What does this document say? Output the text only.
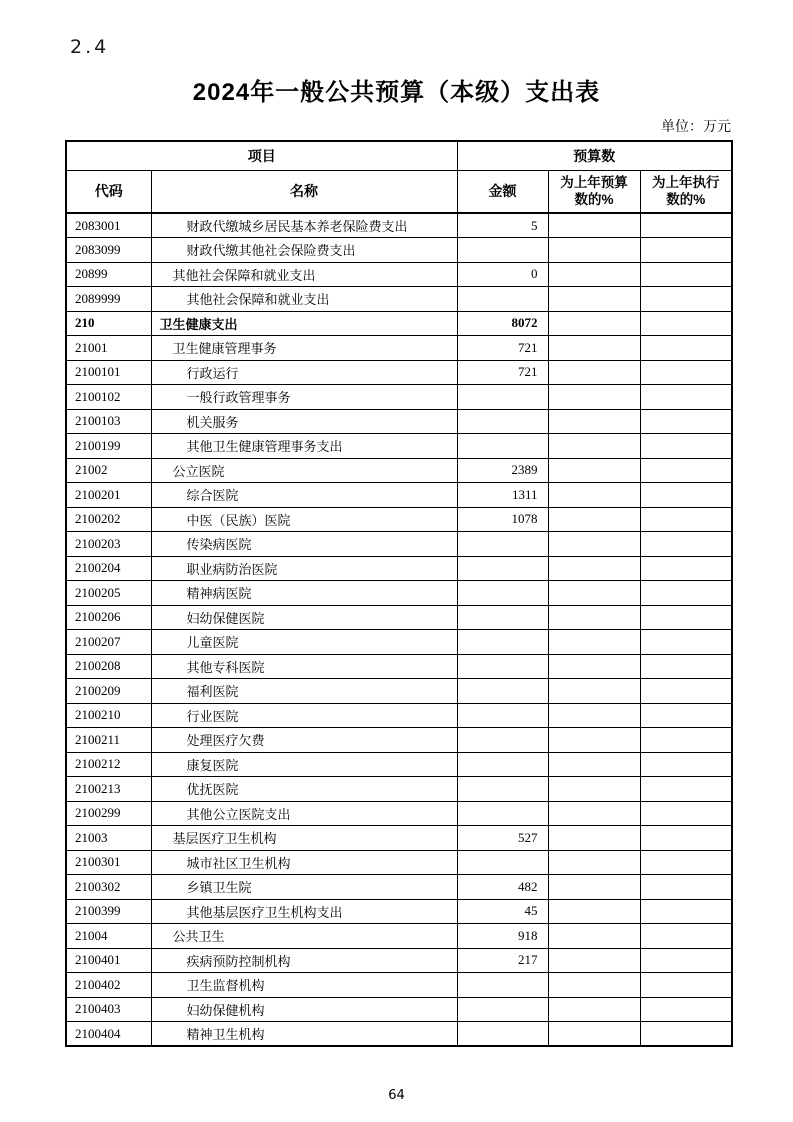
2.4
2024年一般公共预算（本级）支出表
单位：万元
项目		预算数		
代码	名称	金额	为上年预算数的%	为上年执行数的%
2083001	财政代缴城乡居民基本养老保险费支出	5		
2083099	财政代缴其他社会保险费支出			
20899	其他社会保障和就业支出	0		
2089999	其他社会保障和就业支出			
210	卫生健康支出	8072		
21001	卫生健康管理事务	721		
2100101	行政运行	721		
2100102	一般行政管理事务			
2100103	机关服务			
2100199	其他卫生健康管理事务支出			
21002	公立医院	2389		
2100201	综合医院	1311		
2100202	中医（民族）医院	1078		
2100203	传染病医院			
2100204	职业病防治医院			
2100205	精神病医院			
2100206	妇幼保健医院			
2100207	儿童医院			
2100208	其他专科医院			
2100209	福利医院			
2100210	行业医院			
2100211	处理医疗欠费			
2100212	康复医院			
2100213	优抚医院			
2100299	其他公立医院支出			
21003	基层医疗卫生机构	527		
2100301	城市社区卫生机构			
2100302	乡镇卫生院	482		
2100399	其他基层医疗卫生机构支出	45		
21004	公共卫生	918		
2100401	疾病预防控制机构	217		
2100402	卫生监督机构			
2100403	妇幼保健机构			
2100404	精神卫生机构			
64
